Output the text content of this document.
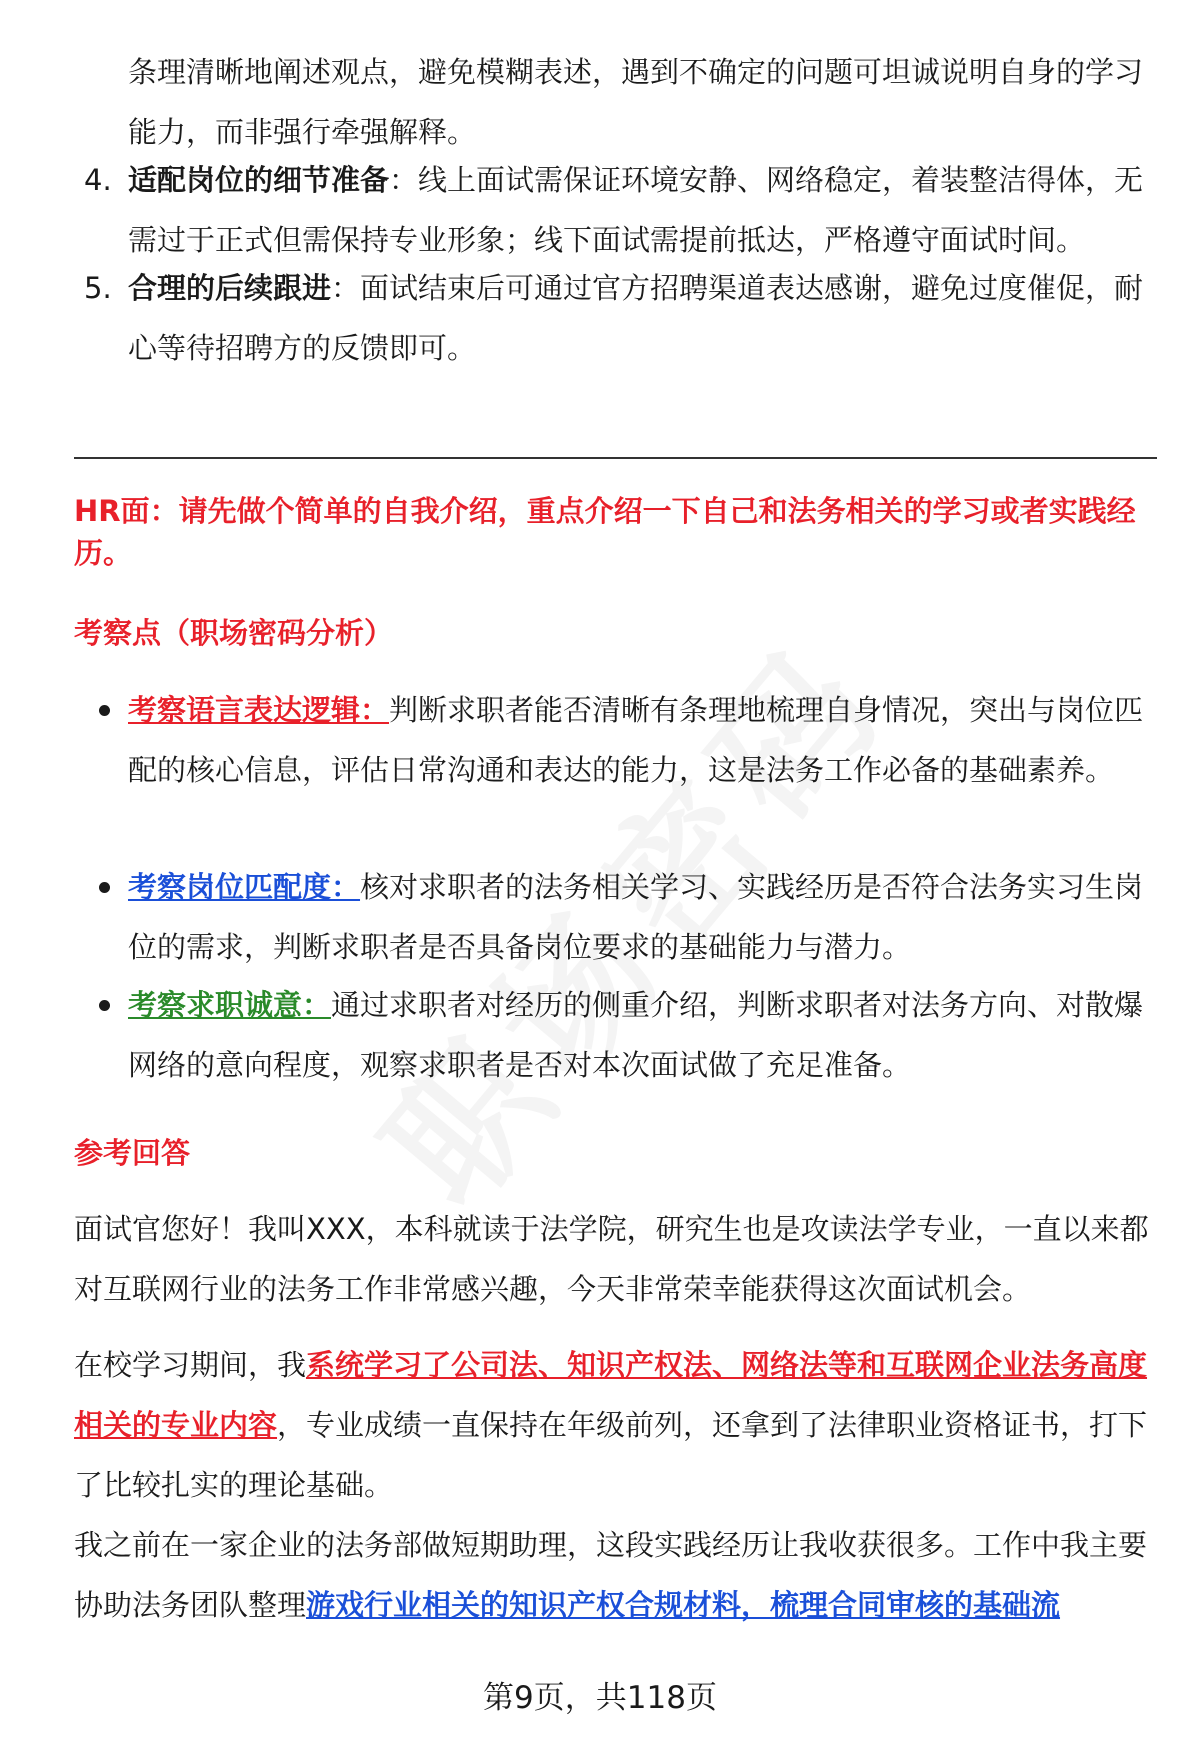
条理清晰地阐述观点，避免模糊表述，遇到不确定的问题可坦诚说明自身的学习能力，而非强行牵强解释。

4. 适配岗位的细节准备：线上面试需保证环境安静、网络稳定，着装整洁得体，无需过于正式但需保持专业形象；线下面试需提前抵达，严格遵守面试时间。

5. 合理的后续跟进：面试结束后可通过官方招聘渠道表达感谢，避免过度催促，耐心等待招聘方的反馈即可。

HR面：请先做个简单的自我介绍，重点介绍一下自己和法务相关的学习或者实践经历。

考察点（职场密码分析）

考察语言表达逻辑：判断求职者能否清晰有条理地梳理自身情况，突出与岗位匹配的核心信息，评估日常沟通和表达的能力，这是法务工作必备的基础素养。

考察岗位匹配度：核对求职者的法务相关学习、实践经历是否符合法务实习生岗位的需求，判断求职者是否具备岗位要求的基础能力与潜力。

考察求职诚意：通过求职者对经历的侧重介绍，判断求职者对法务方向、对散爆网络的意向程度，观察求职者是否对本次面试做了充足准备。

参考回答

面试官您好！我叫XXX，本科就读于法学院，研究生也是攻读法学专业，一直以来都对互联网行业的法务工作非常感兴趣，今天非常荣幸能获得这次面试机会。

在校学习期间，我系统学习了公司法、知识产权法、网络法等和互联网企业法务高度相关的专业内容，专业成绩一直保持在年级前列，还拿到了法律职业资格证书，打下了比较扎实的理论基础。

我之前在一家企业的法务部做短期助理，这段实践经历让我收获很多。工作中我主要协助法务团队整理游戏行业相关的知识产权合规材料，梳理合同审核的基础流

第9页，共118页
